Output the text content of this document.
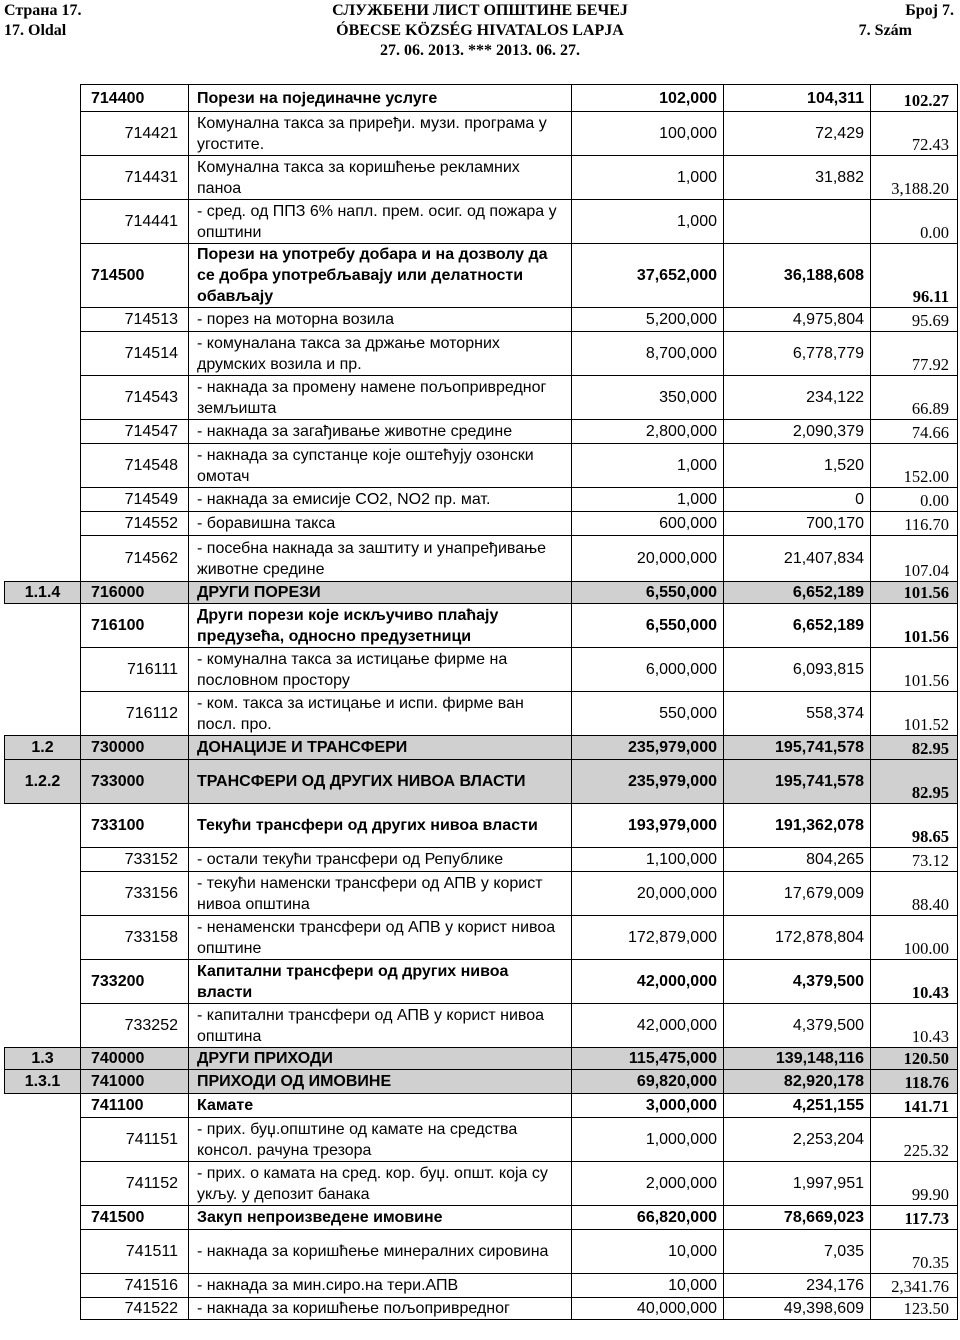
Страна 17.
17. Oldal
СЛУЖБЕНИ ЛИСТ ОПШТИНЕ БЕЧЕЈ
ÓBECSE KÖZSÉG HIVATALOS LAPJA
27. 06. 2013. *** 2013. 06. 27.
Број 7.
7. Szám
	714400	Порези на појединачне услуге	102,000	104,311	102.27
	714421	Комунална такса за приређи. музи. програма у угостите.	100,000	72,429	72.43
	714431	Комунална такса за коришћење рекламних паноа	1,000	31,882	3,188.20
	714441	- сред. од ППЗ 6% напл. прем. осиг. од пожара у општини	1,000		0.00
	714500	Порези на употребу добара и на дозволу да се добра употребљавају или делатности обављају	37,652,000	36,188,608	96.11
	714513	- порез на моторна возила	5,200,000	4,975,804	95.69
	714514	- комуналана такса за држање моторних друмских возила и пр.	8,700,000	6,778,779	77.92
	714543	- накнада за промену намене пољопривредног земљишта	350,000	234,122	66.89
	714547	- накнада за загађивање животне средине	2,800,000	2,090,379	74.66
	714548	- накнада за супстанце које оштећују озонски омотач	1,000	1,520	152.00
	714549	- накнада за емисије CO2, NO2 пр. мат.	1,000	0	0.00
	714552	- боравишна такса	600,000	700,170	116.70
	714562	- посебна накнада за заштиту и унапређивање животне средине	20,000,000	21,407,834	107.04
1.1.4	716000	ДРУГИ ПОРЕЗИ	6,550,000	6,652,189	101.56
	716100	Други порези које искључиво плаћају предузећа, односно предузетници	6,550,000	6,652,189	101.56
	716111	- комунална такса за истицање фирме на пословном простору	6,000,000	6,093,815	101.56
	716112	- ком. такса за истицање и испи. фирме ван посл. про.	550,000	558,374	101.52
1.2	730000	ДОНАЦИЈЕ И ТРАНСФЕРИ	235,979,000	195,741,578	82.95
1.2.2	733000	ТРАНСФЕРИ ОД ДРУГИХ НИВОА ВЛАСТИ	235,979,000	195,741,578	82.95
	733100	Текући трансфери од других нивоа власти	193,979,000	191,362,078	98.65
	733152	- остали текући трансфери од Републике	1,100,000	804,265	73.12
	733156	- текући наменски трансфери од АПВ у корист нивоа општина	20,000,000	17,679,009	88.40
	733158	- ненаменски трансфери од АПВ у корист нивоа општине	172,879,000	172,878,804	100.00
	733200	Капитални трансфери од других нивоа власти	42,000,000	4,379,500	10.43
	733252	- капитални трансфери од АПВ у корист нивоа општина	42,000,000	4,379,500	10.43
1.3	740000	ДРУГИ ПРИХОДИ	115,475,000	139,148,116	120.50
1.3.1	741000	ПРИХОДИ ОД ИМОВИНЕ	69,820,000	82,920,178	118.76
	741100	Камате	3,000,000	4,251,155	141.71
	741151	- прих. буџ.општине од камате на средства консол. рачуна трезора	1,000,000	2,253,204	225.32
	741152	- прих. о камата на сред. кор. буџ. општ. која су укљу. у депозит банака	2,000,000	1,997,951	99.90
	741500	Закуп непроизведене имовине	66,820,000	78,669,023	117.73
	741511	- накнада за коришћење минералних сировина	10,000	7,035	70.35
	741516	- накнада за мин.сиро.на тери.АПВ	10,000	234,176	2,341.76
	741522	- накнада за коришћење пољопривредног	40,000,000	49,398,609	123.50
